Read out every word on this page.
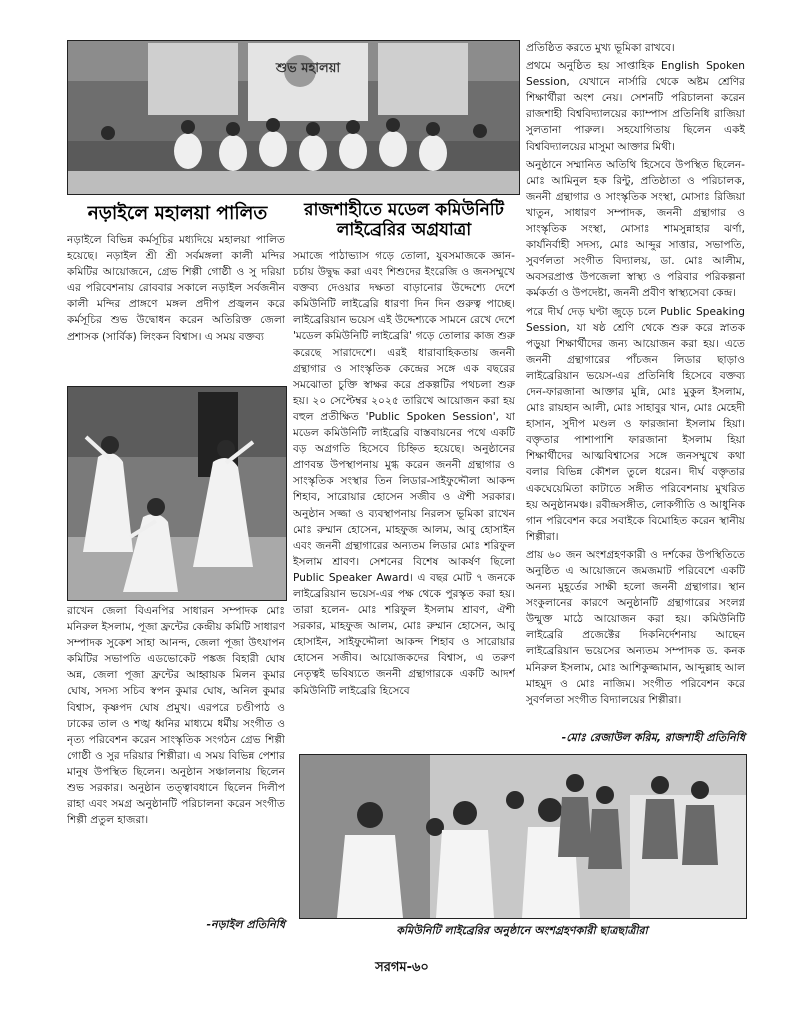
শুভ মহালয়া
নড়াইলে মহালয়া পালিত

নড়াইলে বিভিন্ন কর্মসূচির মধ্যদিয়ে মহালয়া পালিত হয়েছে। নড়াইল শ্রী শ্রী সর্বমঙ্গলা কালী মন্দির কমিটির আয়োজনে, গ্রেভ শিল্পী গোষ্ঠী ও সু দরিয়া এর পরিবেশনায় রোববার সকালে নড়াইল সর্বজনীন কালী মন্দির প্রাঙ্গণে মঙ্গল প্রদীপ প্রজ্বলন করে কর্মসূচির শুভ উদ্বোধন করেন অতিরিক্ত জেলা প্রশাসক (সার্বিক) লিংকন বিশ্বাস। এ সময় বক্তব্য

রাখেন জেলা বিএনপির সাধারন সম্পাদক মোঃ মনিরুল ইসলাম, পূজা ফ্রন্টের কেন্দ্রীয় কমিটি সাধারণ সম্পাদক সুকেশ সাহা আনন্দ, জেলা পূজা উৎযাপন কমিটির সভাপতি এডভোকেট পঙ্কজ বিহারী ঘোষ অন্ন, জেলা পূজা ফ্রন্টের আহ্বায়ক মিলন কুমার ঘোষ, সদস্য সচিব স্বপন কুমার ঘোষ, অনিল কুমার বিশ্বাস, কৃষ্ণপদ ঘোষ প্রমুখ। এরপরে চণ্ডীপাঠ ও ঢাকের তাল ও শঙ্খ ধ্বনির মাধ্যমে ধর্মীয় সংগীত ও নৃত্য পরিবেশন করেন সাংস্কৃতিক সংগঠন গ্রেভ শিল্পী গোষ্ঠী ও সুর দরিয়ার শিল্পীরা। এ সময় বিভিন্ন পেশার মানুষ উপস্থিত ছিলেন। অনুষ্ঠান সঞ্চালনায় ছিলেন শুভ সরকার। অনুষ্ঠান তত্ত্বাবধানে ছিলেন দিলীপ রাহা এবং সমগ্র অনুষ্ঠানটি পরিচালনা করেন সংগীত শিল্পী প্রতুল হাজরা।

-নড়াইল প্রতিনিধি
রাজশাহীতে মডেল কমিউনিটি লাইব্রেরির অগ্রযাত্রা

সমাজে পাঠাভ্যাস গড়ে তোলা, যুবসমাজকে জ্ঞান-চর্চায় উদ্বুদ্ধ করা এবং শিশুদের ইংরেজি ও জনসম্মুখে বক্তব্য দেওয়ার দক্ষতা বাড়ানোর উদ্দেশ্যে দেশে কমিউনিটি লাইব্রেরি ধারণা দিন দিন গুরুত্ব পাচ্ছে। লাইব্রেরিয়ান ভয়েস এই উদ্দেশ্যকে সামনে রেখে দেশে 'মডেল কমিউনিটি লাইব্রেরি' গড়ে তোলার কাজ শুরু করেছে সারাদেশে। এরই ধারাবাহিকতায় জননী গ্রন্থাগার ও সাংস্কৃতিক কেন্দ্রের সঙ্গে এক বছরের সমঝোতা চুক্তি স্বাক্ষর করে প্রকল্পটির পথচলা শুরু হয়। ২০ সেপ্টেম্বর ২০২৫ তারিখে আয়োজন করা হয় বহুল প্রতীক্ষিত 'Public Spoken Session', যা মডেল কমিউনিটি লাইব্রেরি বাস্তবায়নের পথে একটি বড় অগ্রগতি হিসেবে চিহ্নিত হয়েছে। অনুষ্ঠানের প্রাণবন্ত উপস্থাপনায় মুগ্ধ করেন জননী গ্রন্থাগার ও সাংস্কৃতিক সংস্থার তিন লিডার-সাইফুদ্দৌলা আকন্দ শিহাব, সারোয়ার হোসেন সজীব ও ঐশী সরকার। অনুষ্ঠান সজ্জা ও ব্যবস্থাপনায় নিরলস ভূমিকা রাখেন মোঃ রুম্মান হোসেন, মাহফুজ আলম, আবু হোসাইন এবং জননী গ্রন্থাগারের অন্যতম লিডার মোঃ শরিফুল ইসলাম শ্রাবণ। সেশনের বিশেষ আকর্ষণ ছিলো Public Speaker Award। এ বছর মোট ৭ জনকে লাইব্রেরিয়ান ভয়েস-এর পক্ষ থেকে পুরস্কৃত করা হয়। তারা হলেন- মোঃ শরিফুল ইসলাম শ্রাবণ, ঐশী সরকার, মাহফুজ আলম, মোঃ রুম্মান হোসেন, আবু হোসাইন, সাইফুদ্দৌলা আকন্দ শিহাব ও সারোয়ার হোসেন সজীব। আয়োজকদের বিশ্বাস, এ তরুণ নেতৃত্বই ভবিষ্যতে জননী গ্রন্থাগারকে একটি আদর্শ কমিউনিটি লাইব্রেরি হিসেবে

প্রতিষ্ঠিত করতে মুখ্য ভূমিকা রাখবে।

প্রথমে অনুষ্ঠিত হয় সাপ্তাহিক English Spoken Session, যেখানে নার্সারি থেকে অষ্টম শ্রেণির শিক্ষার্থীরা অংশ নেয়। সেশনটি পরিচালনা করেন রাজশাহী বিশ্ববিদ্যালয়ের ক্যাম্পাস প্রতিনিধি রাজিয়া সুলতানা পারুল। সহযোগিতায় ছিলেন একই বিশ্ববিদ্যালয়ের মাসুমা আক্তার মিথী।

অনুষ্ঠানে সম্মানিত অতিথি হিসেবে উপস্থিত ছিলেন- মোঃ আমিনুল হক রিন্টু, প্রতিষ্ঠাতা ও পরিচালক, জননী গ্রন্থাগার ও সাংস্কৃতিক সংস্থা, মোসাঃ রিজিয়া খাতুন, সাধারণ সম্পাদক, জননী গ্রন্থাগার ও সাংস্কৃতিক সংস্থা, মোসাঃ শামসুন্নাহার ঝর্ণা, কার্যনির্বাহী সদস্য, মোঃ আব্দুর সাত্তার, সভাপতি, সুবর্ণলতা সংগীত বিদ্যালয়, ডা. মোঃ আলীম, অবসরপ্রাপ্ত উপজেলা স্বাস্থ্য ও পরিবার পরিকল্পনা কর্মকর্তা ও উপদেষ্টা, জননী প্রবীণ স্বাস্থ্যসেবা কেন্দ্র।

পরে দীর্ঘ দেড় ঘণ্টা জুড়ে চলে Public Speaking Session, যা ষষ্ঠ শ্রেণি থেকে শুরু করে স্নাতক পড়ুয়া শিক্ষার্থীদের জন্য আয়োজন করা হয়। এতে জননী গ্রন্থাগারের পাঁচজন লিডার ছাড়াও লাইব্রেরিয়ান ভয়েস-এর প্রতিনিধি হিসেবে বক্তব্য দেন-ফারজানা আক্তার মুন্নি, মোঃ মুকুল ইসলাম, মোঃ রায়হান আলী, মোঃ সাহাবুর খান, মোঃ মেহেদী হাসান, সুদীপ মণ্ডল ও ফারজানা ইসলাম হিয়া। বক্তৃতার পাশাপাশি ফারজানা ইসলাম হিয়া শিক্ষার্থীদের আত্মবিশ্বাসের সঙ্গে জনসম্মুখে কথা বলার বিভিন্ন কৌশল তুলে ধরেন। দীর্ঘ বক্তৃতার একঘেয়েমিতা কাটাতে সঙ্গীত পরিবেশনায় মুখরিত হয় অনুষ্ঠানমঞ্চ। রবীন্দ্রসঙ্গীত, লোকগীতি ও আধুনিক গান পরিবেশন করে সবাইকে বিমোহিত করেন স্থানীয় শিল্পীরা।

প্রায় ৬০ জন অংশগ্রহণকারী ও দর্শকের উপস্থিতিতে অনুষ্ঠিত এ আয়োজনে জমজমাট পরিবেশে একটি অনন্য মুহূর্তের সাক্ষী হলো জননী গ্রন্থাগার। স্থান সংকুলানের কারণে অনুষ্ঠানটি গ্রন্থাগারের সংলগ্ন উন্মুক্ত মাঠে আয়োজন করা হয়। কমিউনিটি লাইব্রেরি প্রজেক্টের দিকনির্দেশনায় আছেন লাইব্রেরিয়ান ভয়েসের অন্যতম সম্পাদক ড. কনক মনিরুল ইসলাম, মোঃ আশিকুজ্জামান, আব্দুল্লাহ আল মাহমুদ ও মোঃ নাজিম। সংগীত পরিবেশন করে সুবর্ণলতা সংগীত বিদ্যালয়ের শিল্পীরা।

-মোঃ রেজাউল করিম, রাজশাহী প্রতিনিধি
কমিউনিটি লাইব্রেরির অনুষ্ঠানে অংশগ্রহণকারী ছাত্রছাত্রীরা
সরগম-৬০
